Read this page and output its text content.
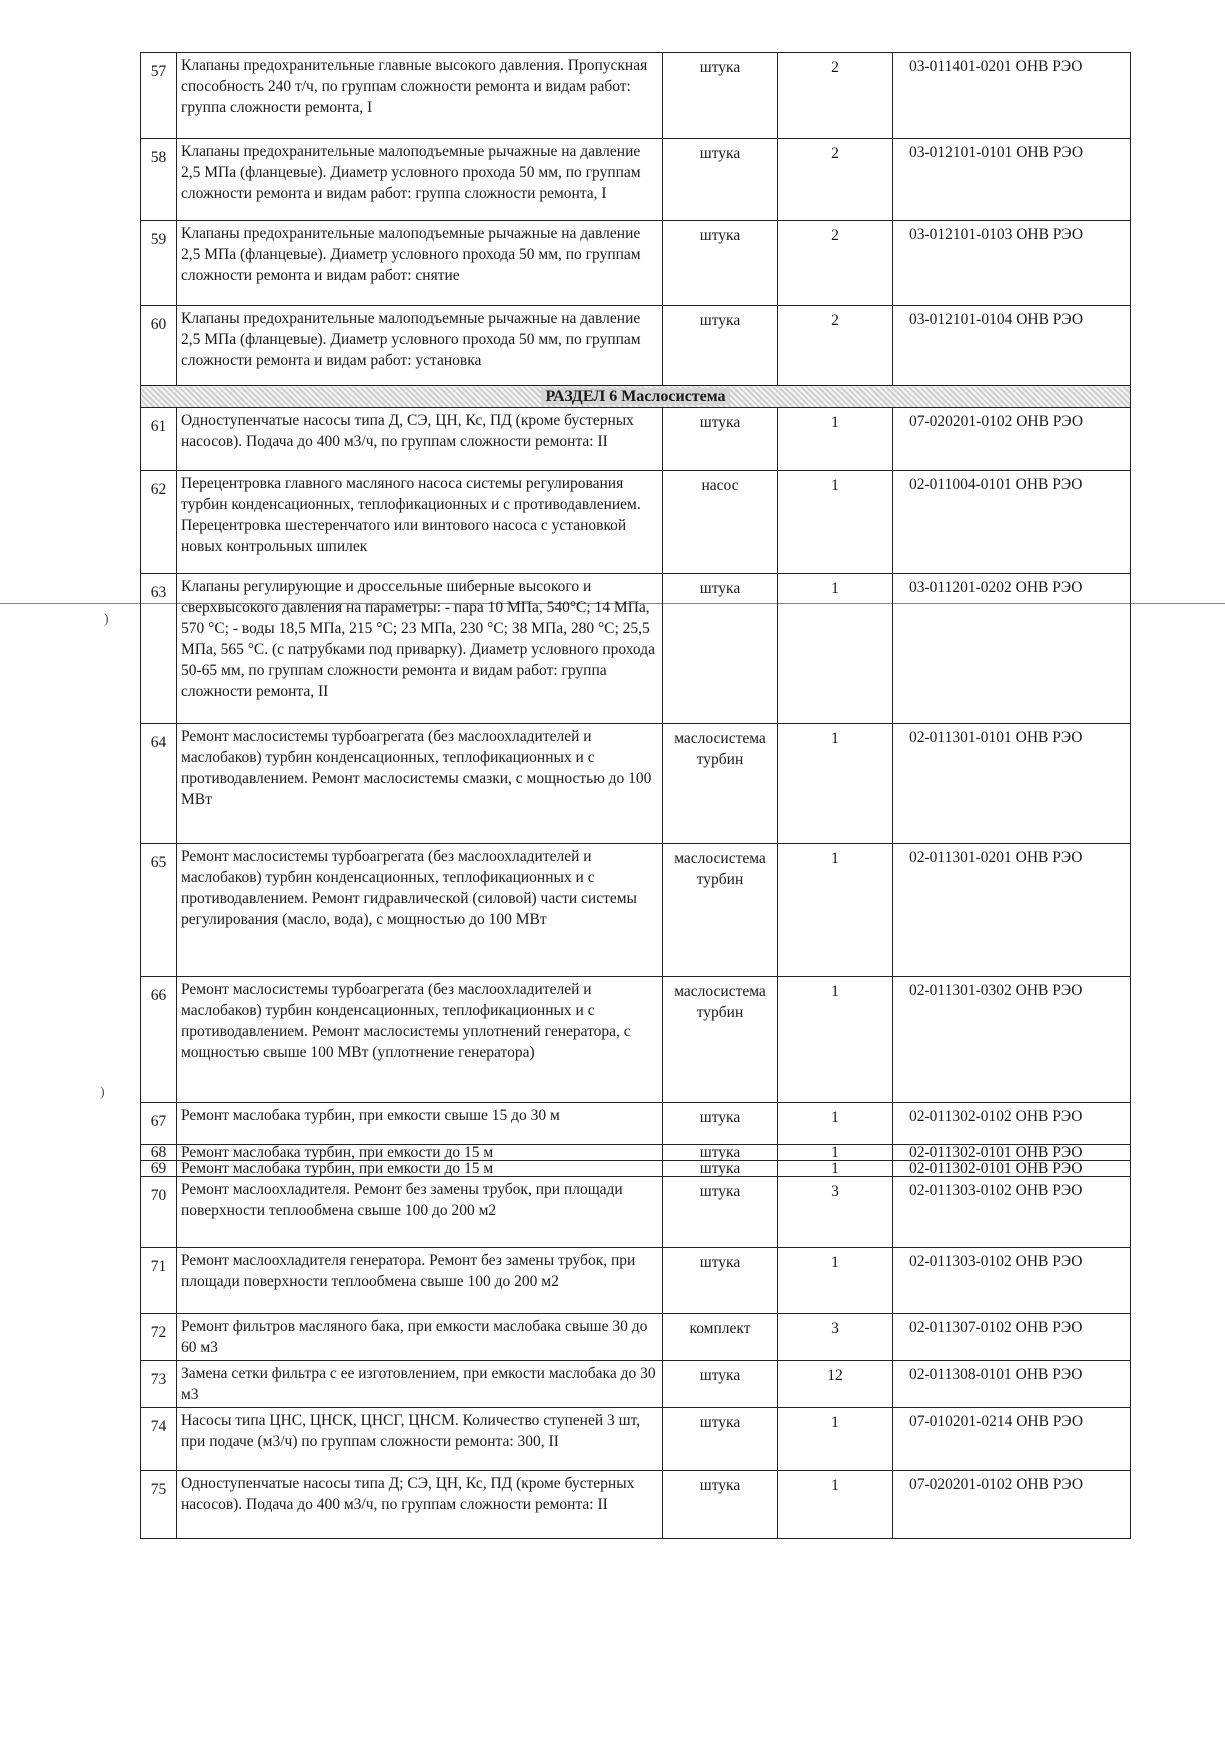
)
)
57	Клапаны предохранительные главные высокого давления. Пропускная способность 240 т/ч, по группам сложности ремонта и видам работ: группа сложности ремонта, I	штука	2	03-011401-0201 ОНВ РЭО
58	Клапаны предохранительные малоподъемные рычажные на давление 2,5 МПа (фланцевые). Диаметр условного прохода 50 мм, по группам сложности ремонта и видам работ: группа сложности ремонта, I	штука	2	03-012101-0101 ОНВ РЭО
59	Клапаны предохранительные малоподъемные рычажные на давление 2,5 МПа (фланцевые). Диаметр условного прохода 50 мм, по группам сложности ремонта и видам работ: снятие	штука	2	03-012101-0103 ОНВ РЭО
60	Клапаны предохранительные малоподъемные рычажные на давление 2,5 МПа (фланцевые). Диаметр условного прохода 50 мм, по группам сложности ремонта и видам работ: установка	штука	2	03-012101-0104 ОНВ РЭО
РАЗДЕЛ 6 Маслосистема				
61	Одноступенчатые насосы типа Д, СЭ, ЦН, Кс, ПД (кроме бустерных насосов). Подача до 400 м3/ч, по группам сложности ремонта: II	штука	1	07-020201-0102 ОНВ РЭО
62	Перецентровка главного масляного насоса системы регулирования турбин конденсационных, теплофикационных и с противодавлением. Перецентровка шестеренчатого или винтового насоса с установкой новых контрольных шпилек	насос	1	02-011004-0101 ОНВ РЭО
63	Клапаны регулирующие и дроссельные шиберные высокого и сверхвысокого давления на параметры: - пара 10 МПа, 540°С; 14 МПа, 570 °С; - воды 18,5 МПа, 215 °С; 23 МПа, 230 °С; 38 МПа, 280 °С; 25,5 МПа, 565 °С. (с патрубками под приварку). Диаметр условного прохода 50-65 мм, по группам сложности ремонта и видам работ: группа сложности ремонта, II	штука	1	03-011201-0202 ОНВ РЭО
64	Ремонт маслосистемы турбоагрегата (без маслоохладителей и маслобаков) турбин конденсационных, теплофикационных и с противодавлением. Ремонт маслосистемы смазки, с мощностью до 100 МВт	маслосистема турбин	1	02-011301-0101 ОНВ РЭО
65	Ремонт маслосистемы турбоагрегата (без маслоохладителей и маслобаков) турбин конденсационных, теплофикационных и с противодавлением. Ремонт гидравлической (силовой) части системы регулирования (масло, вода), с мощностью до 100 МВт	маслосистема турбин	1	02-011301-0201 ОНВ РЭО
66	Ремонт маслосистемы турбоагрегата (без маслоохладителей и маслобаков) турбин конденсационных, теплофикационных и с противодавлением. Ремонт маслосистемы уплотнений генератора, с мощностью свыше 100 МВт (уплотнение генератора)	маслосистема турбин	1	02-011301-0302 ОНВ РЭО
67	Ремонт маслобака турбин, при емкости свыше 15 до 30 м	штука	1	02-011302-0102 ОНВ РЭО
68	Ремонт маслобака турбин, при емкости до 15 м	штука	1	02-011302-0101 ОНВ РЭО
69	Ремонт маслобака турбин, при емкости до 15 м	штука	1	02-011302-0101 ОНВ РЭО
70	Ремонт маслоохладителя. Ремонт без замены трубок, при площади поверхности теплообмена свыше 100 до 200 м2	штука	3	02-011303-0102 ОНВ РЭО
71	Ремонт маслоохладителя генератора. Ремонт без замены трубок, при площади поверхности теплообмена свыше 100 до 200 м2	штука	1	02-011303-0102 ОНВ РЭО
72	Ремонт фильтров масляного бака, при емкости маслобака свыше 30 до 60 м3	комплект	3	02-011307-0102 ОНВ РЭО
73	Замена сетки фильтра с ее изготовлением, при емкости маслобака до 30 м3	штука	12	02-011308-0101 ОНВ РЭО
74	Насосы типа ЦНС, ЦНСК, ЦНСГ, ЦНСМ. Количество ступеней 3 шт, при подаче (м3/ч) по группам сложности ремонта: 300, II	штука	1	07-010201-0214 ОНВ РЭО
75	Одноступенчатые насосы типа Д; СЭ, ЦН, Кс, ПД (кроме бустерных насосов). Подача до 400 м3/ч, по группам сложности ремонта: II	штука	1	07-020201-0102 ОНВ РЭО
